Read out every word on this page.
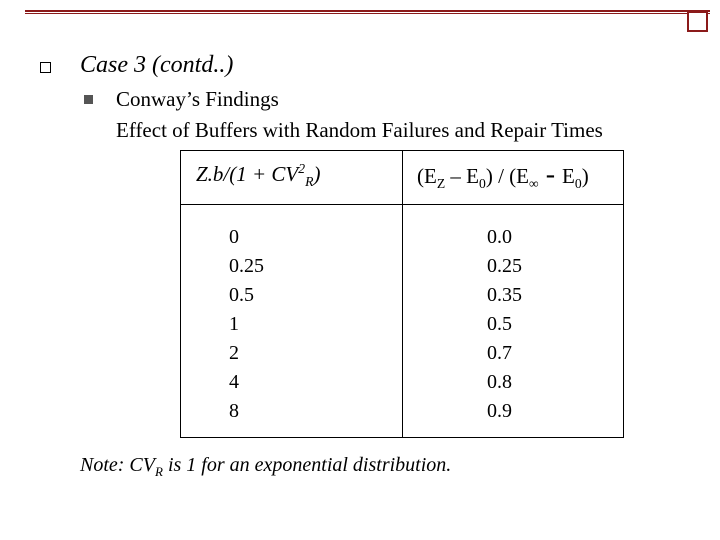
Case 3 (contd..)
Conway’s Findings
Effect of Buffers with Random Failures and Repair Times
$Z.b/(1 + CV^2_R)$	$(E_Z - E_0) / (E_\infty - E_0)$
0
0.25
0.5
1
2
4
8
0.0
0.25
0.35
0.5
0.7
0.8
0.9
Note: $CV_R$ is 1 for an exponential distribution.
